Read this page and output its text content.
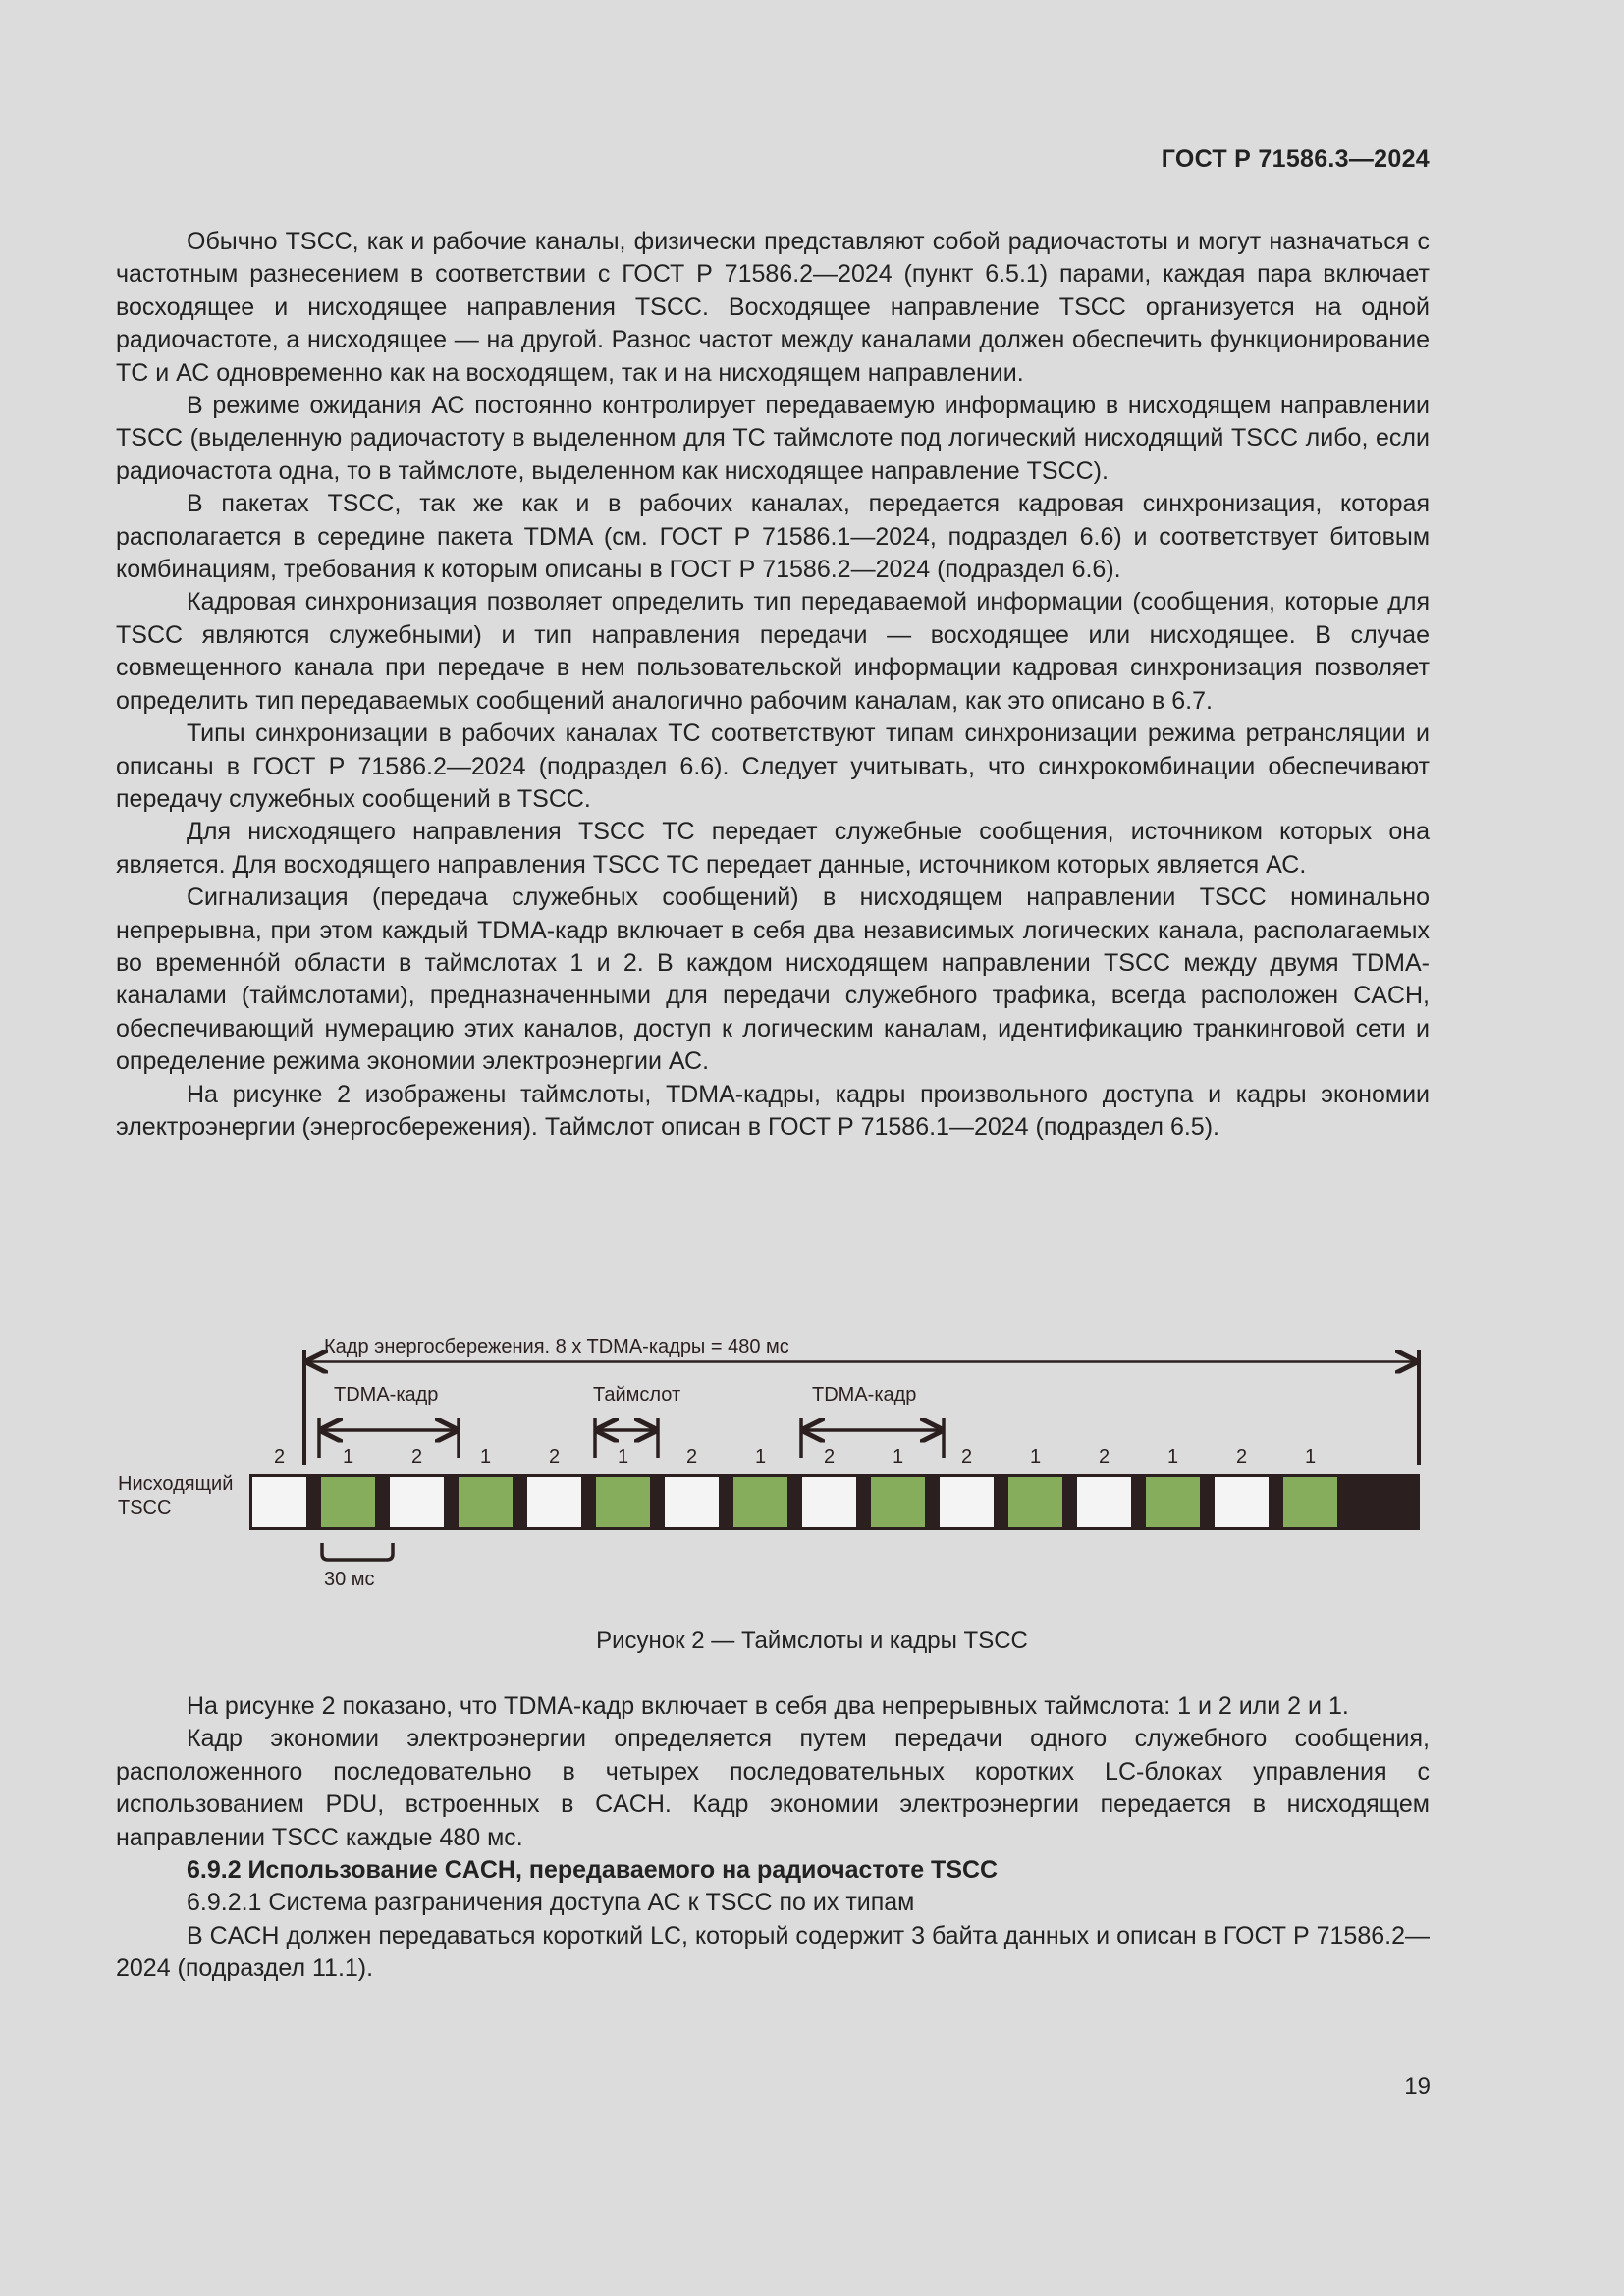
ГОСТ Р 71586.3—2024

Обычно TSCC, как и рабочие каналы, физически представляют собой радиочастоты и могут назначаться с частотным разнесением в соответствии с ГОСТ Р 71586.2—2024 (пункт 6.5.1) парами, каждая пара включает восходящее и нисходящее направления TSCC. Восходящее направление TSCC организуется на одной радиочастоте, а нисходящее — на другой. Разнос частот между каналами должен обеспечить функционирование ТС и АС одновременно как на восходящем, так и на нисходящем направлении.

В режиме ожидания АС постоянно контролирует передаваемую информацию в нисходящем направлении TSCC (выделенную радиочастоту в выделенном для ТС таймслоте под логический нисходящий TSCC либо, если радиочастота одна, то в таймслоте, выделенном как нисходящее направление TSCC).

В пакетах TSCC, так же как и в рабочих каналах, передается кадровая синхронизация, которая располагается в середине пакета TDMA (см. ГОСТ Р 71586.1—2024, подраздел 6.6) и соответствует битовым комбинациям, требования к которым описаны в ГОСТ Р 71586.2—2024 (подраздел 6.6).

Кадровая синхронизация позволяет определить тип передаваемой информации (сообщения, которые для TSCC являются служебными) и тип направления передачи — восходящее или нисходящее. В случае совмещенного канала при передаче в нем пользовательской информации кадровая синхронизация позволяет определить тип передаваемых сообщений аналогично рабочим каналам, как это описано в 6.7.

Типы синхронизации в рабочих каналах ТС соответствуют типам синхронизации режима ретрансляции и описаны в ГОСТ Р 71586.2—2024 (подраздел 6.6). Следует учитывать, что синхрокомбинации обеспечивают передачу служебных сообщений в TSCC.

Для нисходящего направления TSCC ТС передает служебные сообщения, источником которых она является. Для восходящего направления TSCC ТС передает данные, источником которых является АС.

Сигнализация (передача служебных сообщений) в нисходящем направлении TSCC номинально непрерывна, при этом каждый TDMA-кадр включает в себя два независимых логических канала, располагаемых во временнóй области в таймслотах 1 и 2. В каждом нисходящем направлении TSCC между двумя TDMA-каналами (таймслотами), предназначенными для передачи служебного трафика, всегда расположен CACH, обеспечивающий нумерацию этих каналов, доступ к логическим каналам, идентификацию транкинговой сети и определение режима экономии электроэнергии АС.

На рисунке 2 изображены таймслоты, TDMA-кадры, кадры произвольного доступа и кадры экономии электроэнергии (энергосбережения). Таймслот описан в ГОСТ Р 71586.1—2024 (подраздел 6.5).

Кадр энергосбережения. 8 x TDMA-кадры = 480 мс
TDMA-кадр	Таймслот	TDMA-кадр
Нисходящий
TSCC
2	1	2	1	2	1	2	1	2	1	2	1	2	1	2	1
30 мс
Рисунок 2 — Таймслоты и кадры TSCC

На рисунке 2 показано, что TDMA-кадр включает в себя два непрерывных таймслота: 1 и 2 или 2 и 1.

Кадр экономии электроэнергии определяется путем передачи одного служебного сообщения, расположенного последовательно в четырех последовательных коротких LC-блоках управления с использованием PDU, встроенных в CACH. Кадр экономии электроэнергии передается в нисходящем направлении TSCC каждые 480 мс.

6.9.2 Использование CACH, передаваемого на радиочастоте TSCC

6.9.2.1 Система разграничения доступа АС к TSCC по их типам

В CACH должен передаваться короткий LC, который содержит 3 байта данных и описан в ГОСТ Р 71586.2—2024 (подраздел 11.1).

19
